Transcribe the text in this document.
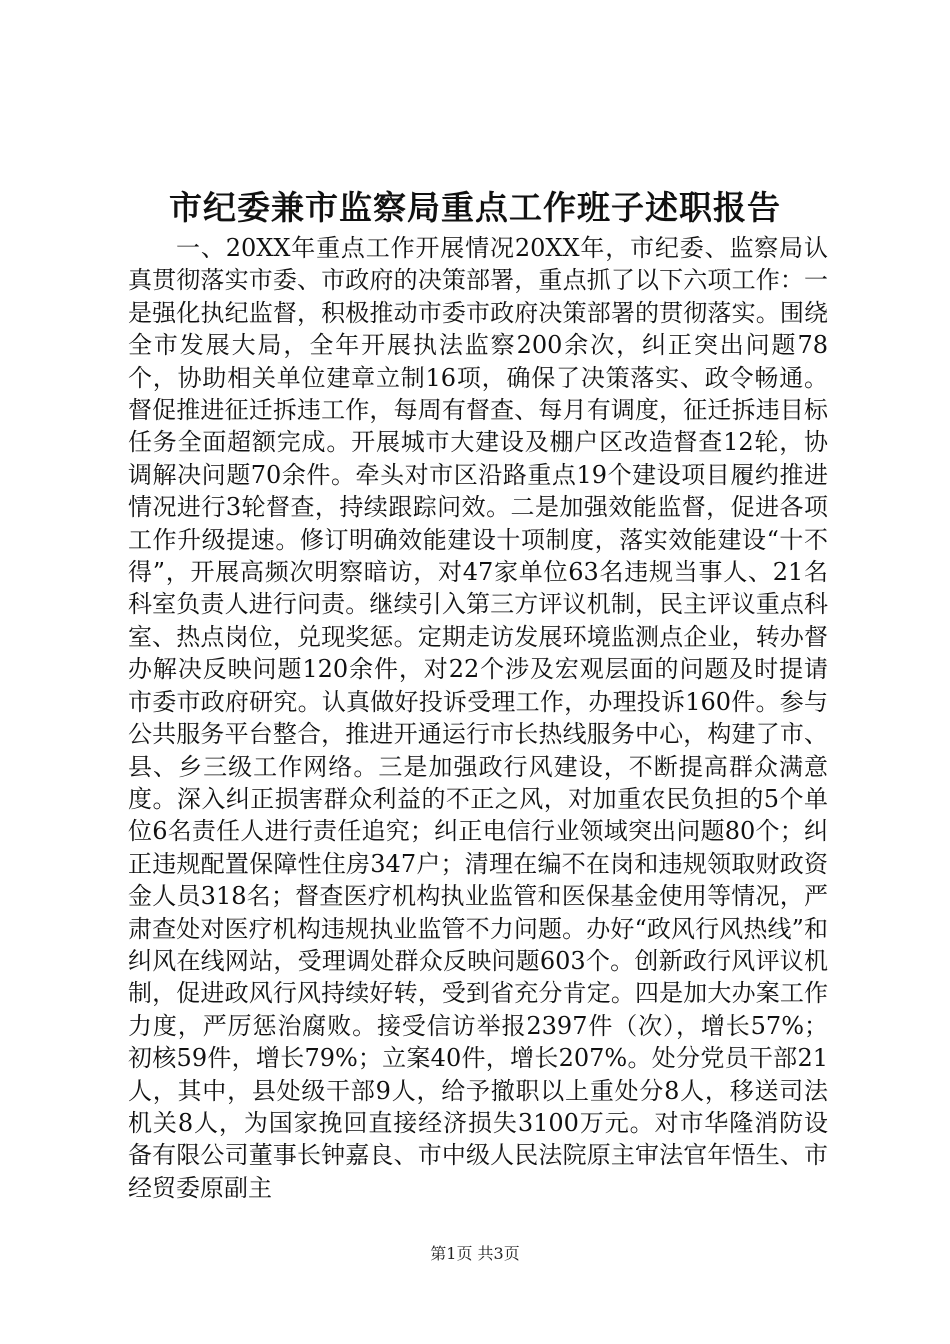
市纪委兼市监察局重点工作班子述职报告

一、20XX年重点工作开展情况20XX年，市纪委、监察局认真贯彻落实市委、市政府的决策部署，重点抓了以下六项工作：一是强化执纪监督，积极推动市委市政府决策部署的贯彻落实。围绕全市发展大局，全年开展执法监察200余次，纠正突出问题78个，协助相关单位建章立制16项，确保了决策落实、政令畅通。督促推进征迁拆违工作，每周有督查、每月有调度，征迁拆违目标任务全面超额完成。开展城市大建设及棚户区改造督查12轮，协调解决问题70余件。牵头对市区沿路重点19个建设项目履约推进情况进行3轮督查，持续跟踪问效。二是加强效能监督，促进各项工作升级提速。修订明确效能建设十项制度，落实效能建设“十不得”，开展高频次明察暗访，对47家单位63名违规当事人、21名科室负责人进行问责。继续引入第三方评议机制，民主评议重点科室、热点岗位，兑现奖惩。定期走访发展环境监测点企业，转办督办解决反映问题120余件，对22个涉及宏观层面的问题及时提请市委市政府研究。认真做好投诉受理工作，办理投诉160件。参与公共服务平台整合，推进开通运行市长热线服务中心，构建了市、县、乡三级工作网络。三是加强政行风建设，不断提高群众满意度。深入纠正损害群众利益的不正之风，对加重农民负担的5个单位6名责任人进行责任追究；纠正电信行业领域突出问题80个；纠正违规配置保障性住房347户；清理在编不在岗和违规领取财政资金人员318名；督查医疗机构执业监管和医保基金使用等情况，严肃查处对医疗机构违规执业监管不力问题。办好“政风行风热线”和纠风在线网站，受理调处群众反映问题603个。创新政行风评议机制，促进政风行风持续好转，受到省充分肯定。四是加大办案工作力度，严厉惩治腐败。接受信访举报2397件（次），增长57%；初核59件，增长79%；立案40件，增长207%。处分党员干部21人，其中，县处级干部9人，给予撤职以上重处分8人，移送司法机关8人，为国家挽回直接经济损失3100万元。对市华隆消防设备有限公司董事长钟嘉良、市中级人民法院原主审法官年悟生、市经贸委原副主

第1页 共3页
